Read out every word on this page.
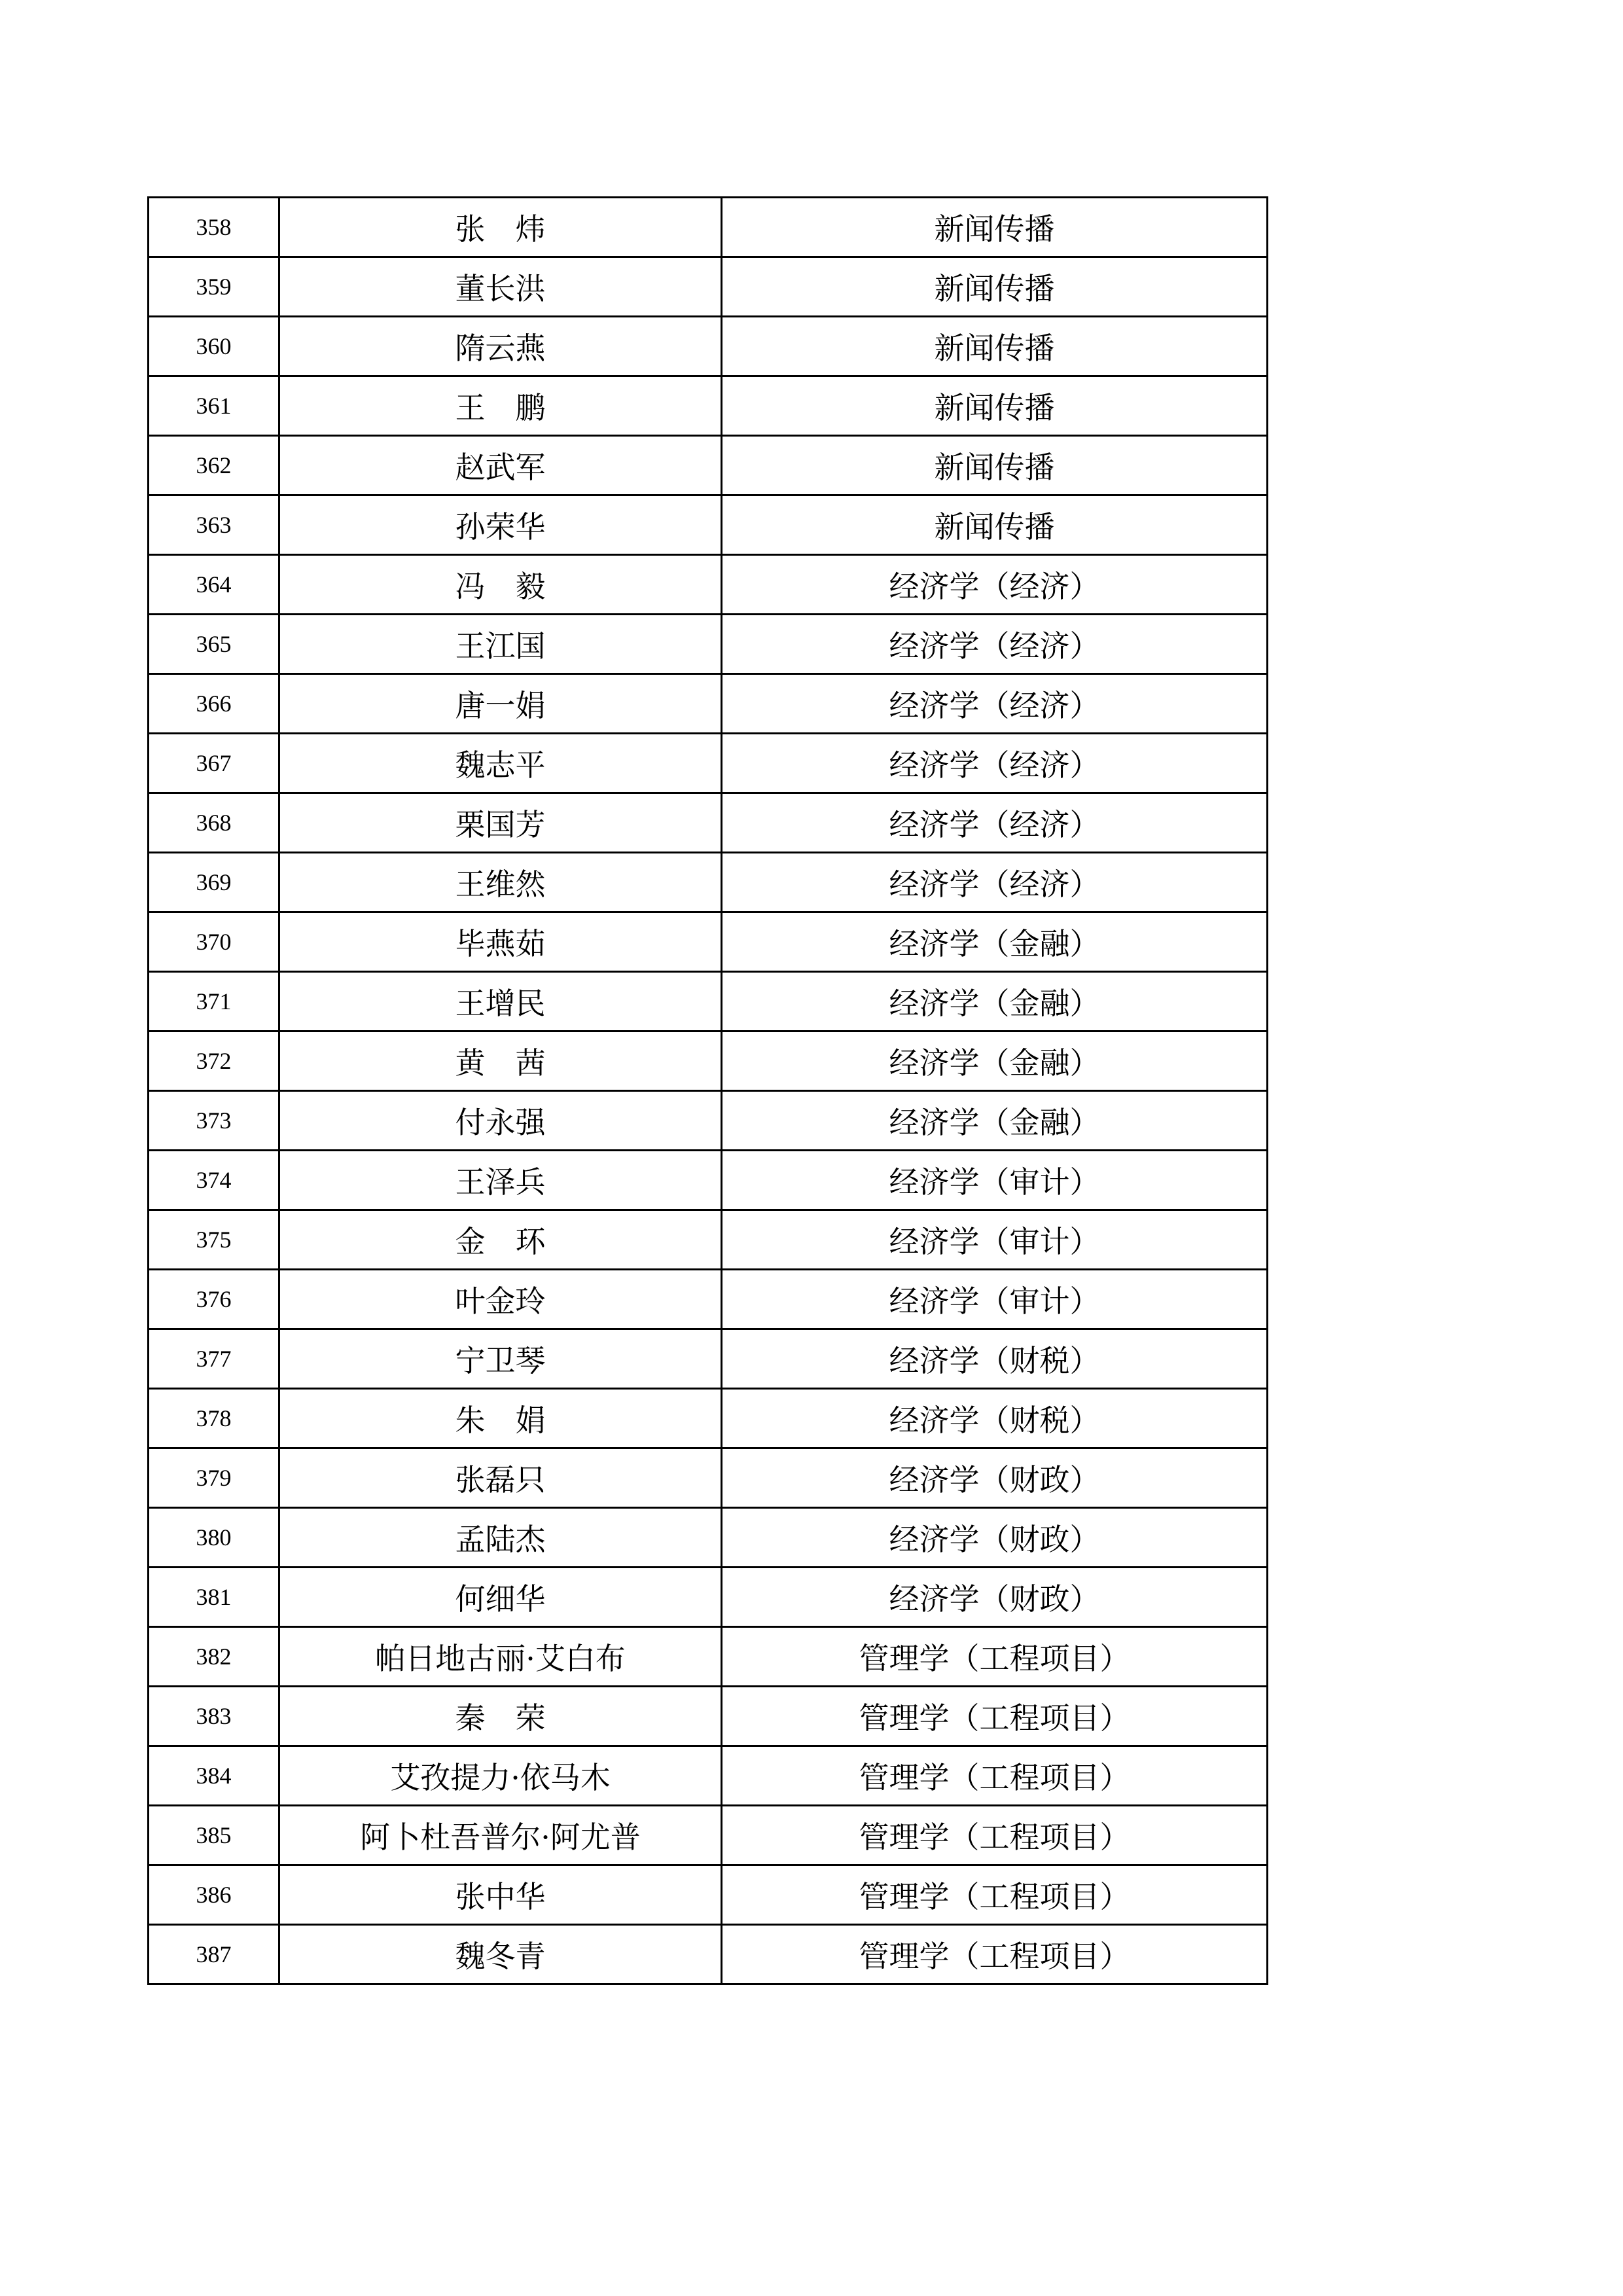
358	张　炜	新闻传播
359	董长洪	新闻传播
360	隋云燕	新闻传播
361	王　鹏	新闻传播
362	赵武军	新闻传播
363	孙荣华	新闻传播
364	冯　毅	经济学（经济）
365	王江国	经济学（经济）
366	唐一娟	经济学（经济）
367	魏志平	经济学（经济）
368	栗国芳	经济学（经济）
369	王维然	经济学（经济）
370	毕燕茹	经济学（金融）
371	王增民	经济学（金融）
372	黄　茜	经济学（金融）
373	付永强	经济学（金融）
374	王泽兵	经济学（审计）
375	金　环	经济学（审计）
376	叶金玲	经济学（审计）
377	宁卫琴	经济学（财税）
378	朱　娟	经济学（财税）
379	张磊只	经济学（财政）
380	孟陆杰	经济学（财政）
381	何细华	经济学（财政）
382	帕日地古丽·艾白布	管理学（工程项目）
383	秦　荣	管理学（工程项目）
384	艾孜提力·依马木	管理学（工程项目）
385	阿卜杜吾普尔·阿尤普	管理学（工程项目）
386	张中华	管理学（工程项目）
387	魏冬青	管理学（工程项目）
